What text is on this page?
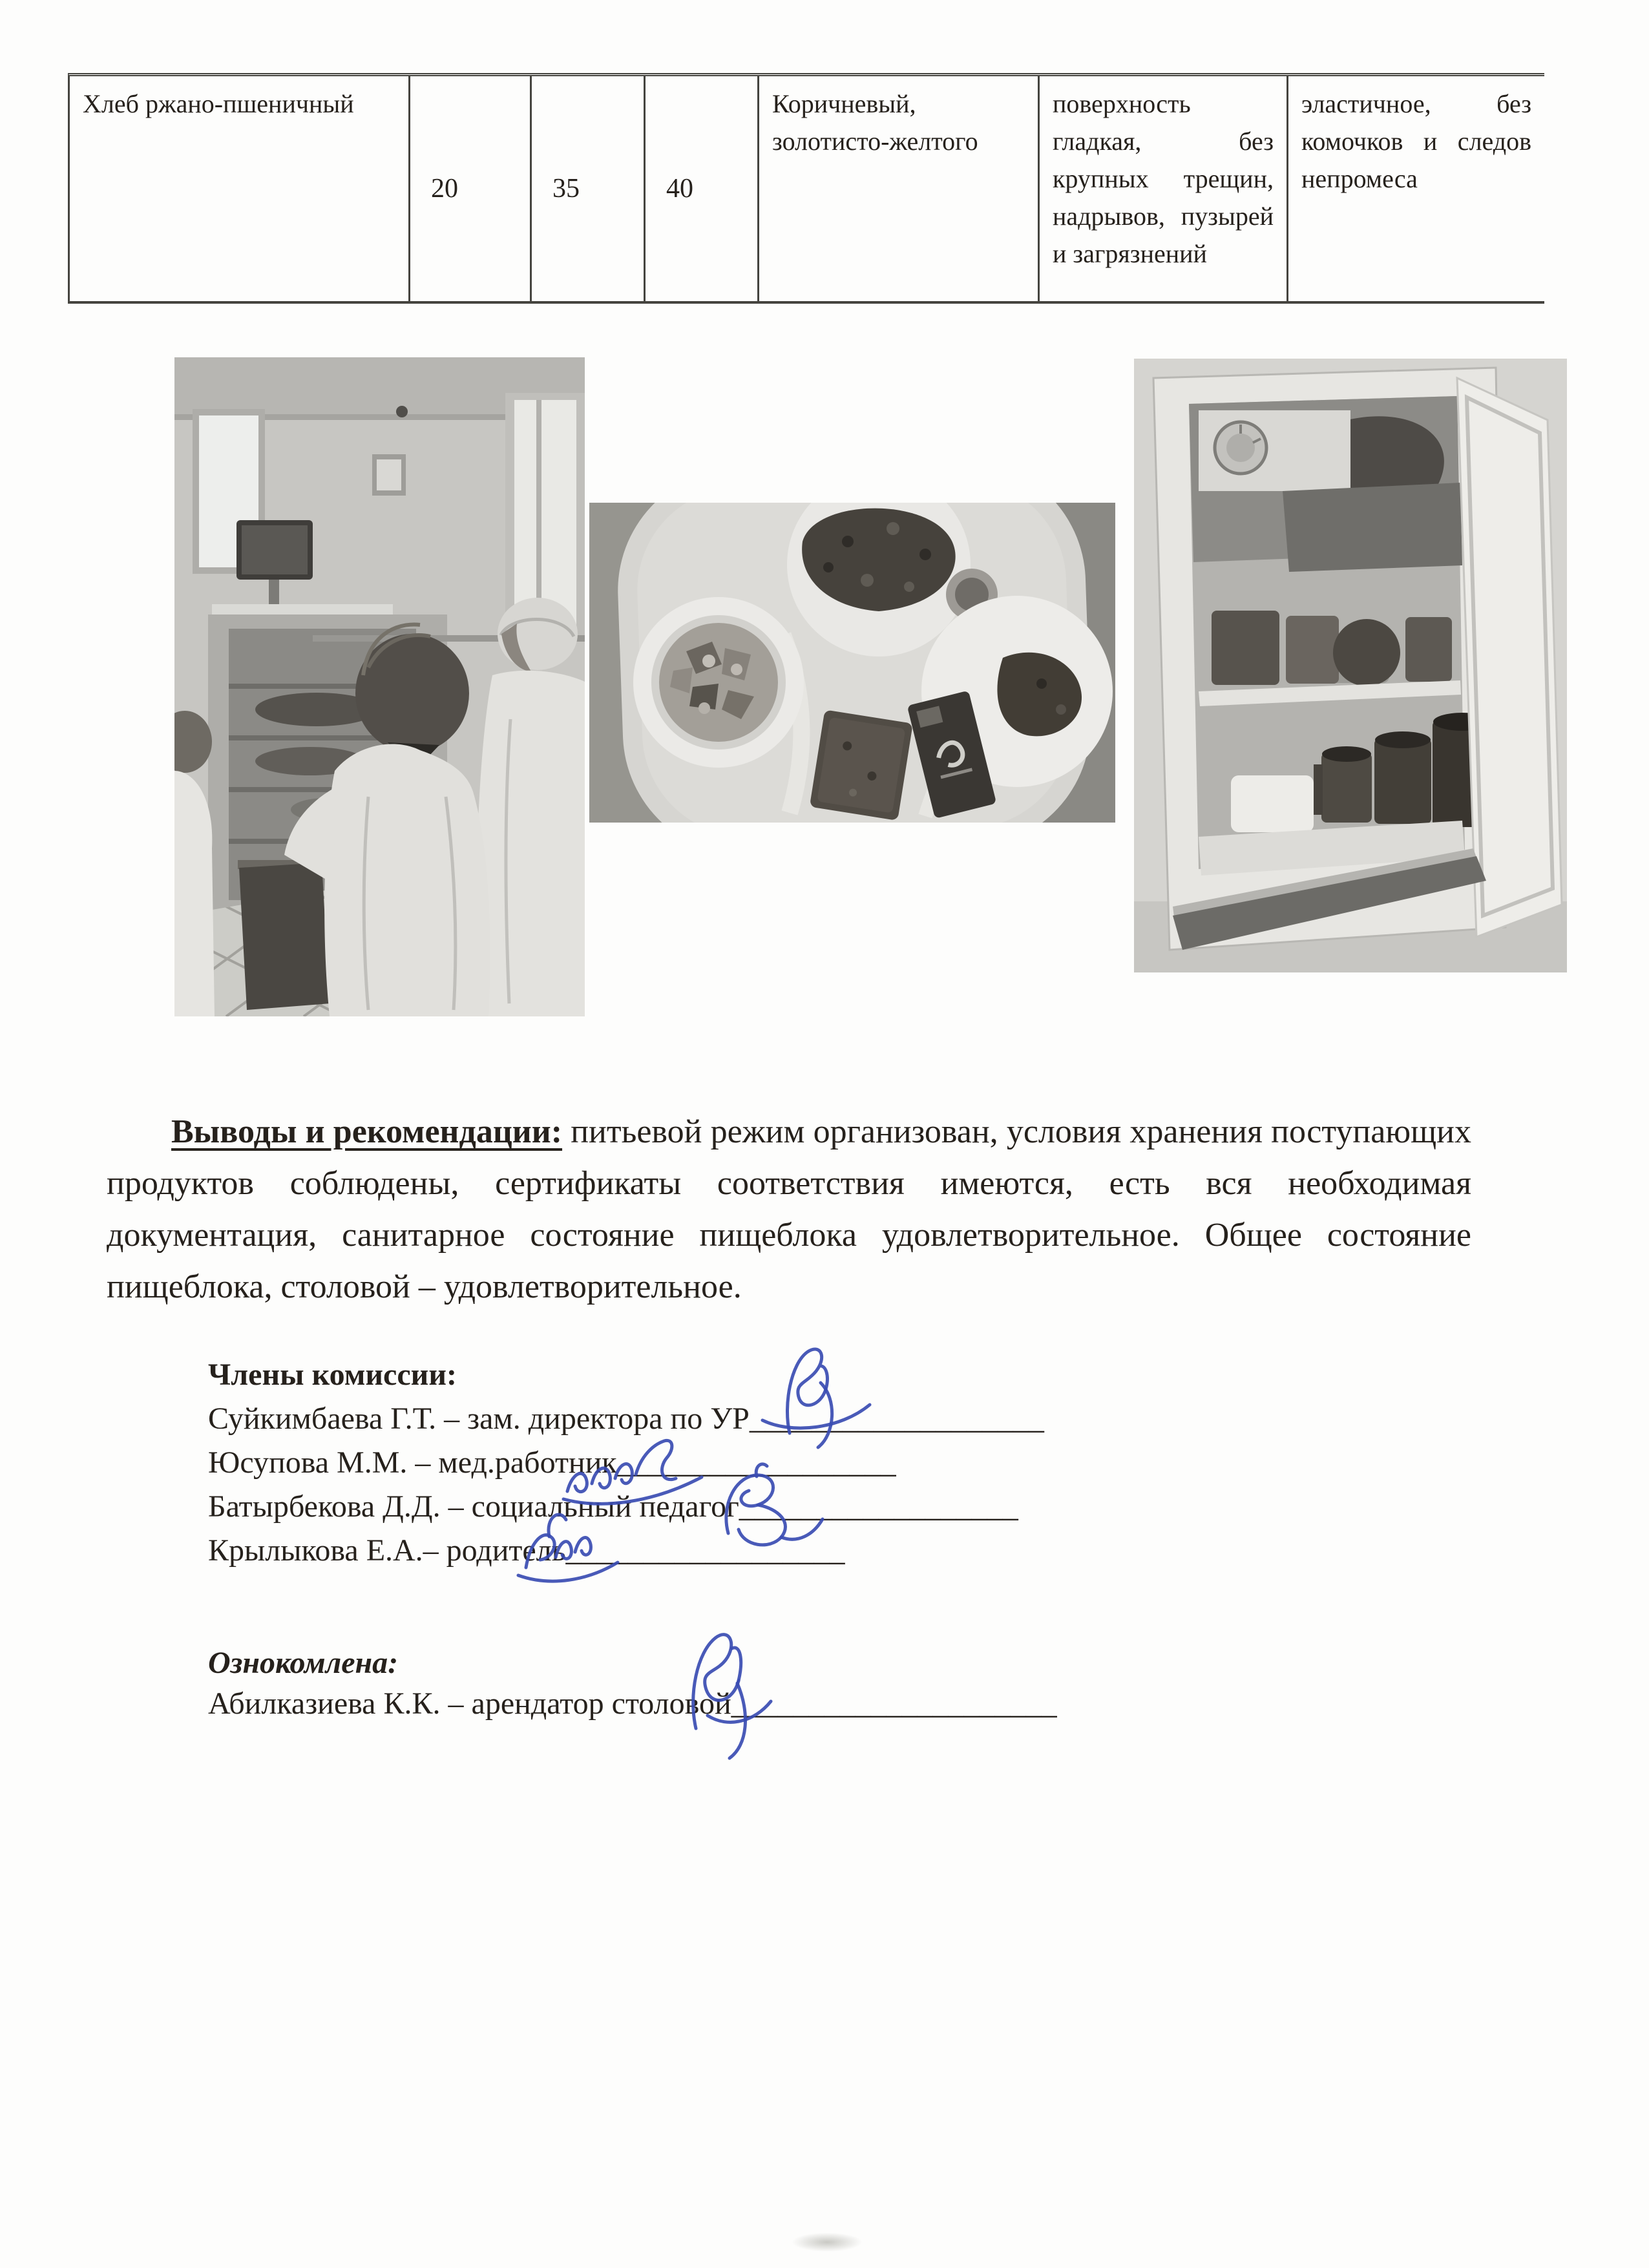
Хлеб ржано-пшеничный
20	35	40
Коричневый, золотисто-желтого
поверхность гладкая, без крупных трещин, надрывов, пузырей и загрязнений
эластичное, без комочков и следов непромеса
Выводы и рекомендации: питьевой режим организован, условия хранения поступающих продуктов соблюдены, сертификаты соответствия имеются, есть вся необходимая документация, санитарное состояние пищеблока удовлетворительное. Общее состояние пищеблока, столовой – удовлетворительное.
Члены комиссии:
Суйкимбаева Г.Т. – зам. директора по УР___________________
Юсупова М.М. – мед.работник__________________
Батырбекова Д.Д. – социальный педагог__________________
Крылыкова Е.А.– родитель__________________
Ознокомлена:
Абилказиева К.К. – арендатор столовой_____________________
